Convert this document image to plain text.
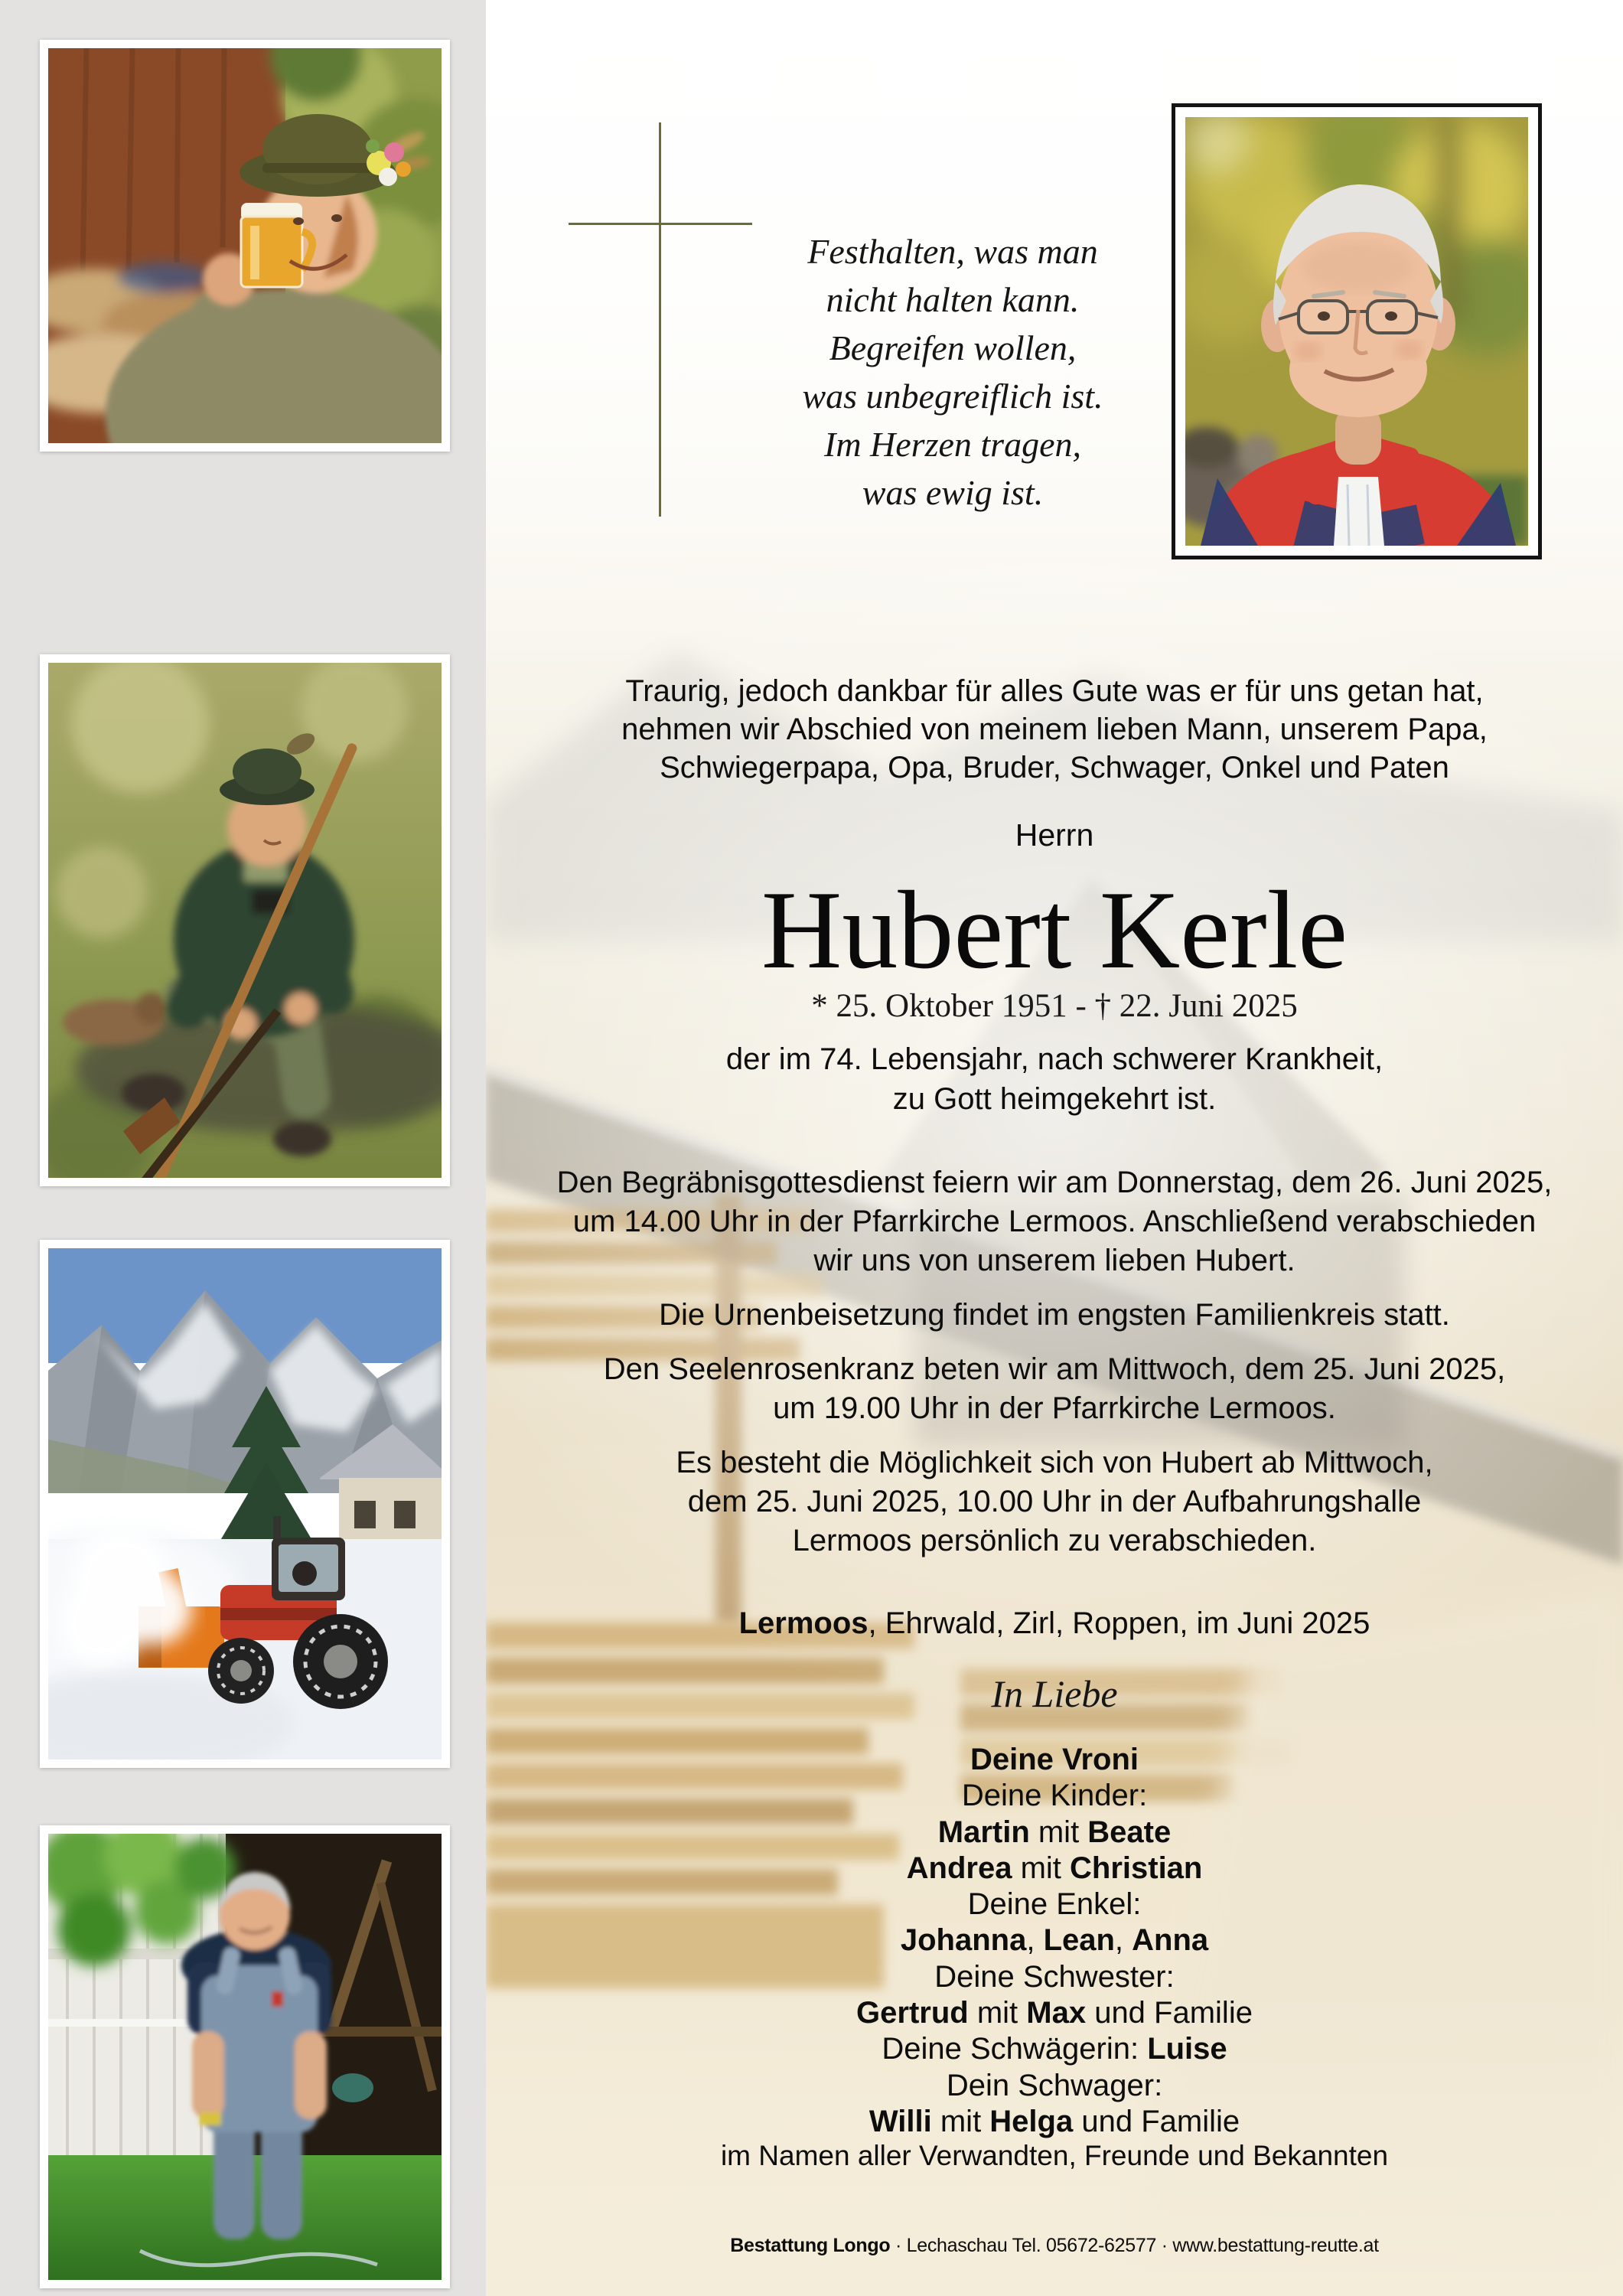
Festhalten, was man
nicht halten kann.
Begreifen wollen,
was unbegreiflich ist.
Im Herzen tragen,
was ewig ist.
Traurig, jedoch dankbar für alles Gute was er für uns getan hat,
nehmen wir Abschied von meinem lieben Mann, unserem Papa,
Schwiegerpapa, Opa, Bruder, Schwager, Onkel und Paten
Herrn
Hubert Kerle
* 25. Oktober 1951 - † 22. Juni 2025
der im 74. Lebensjahr, nach schwerer Krankheit,
zu Gott heimgekehrt ist.
Den Begräbnisgottesdienst feiern wir am Donnerstag, dem 26. Juni 2025,
um 14.00 Uhr in der Pfarrkirche Lermoos. Anschließend verabschieden
wir uns von unserem lieben Hubert.
Die Urnenbeisetzung findet im engsten Familienkreis statt.
Den Seelenrosenkranz beten wir am Mittwoch, dem 25. Juni 2025,
um 19.00 Uhr in der Pfarrkirche Lermoos.
Es besteht die Möglichkeit sich von Hubert ab Mittwoch,
dem 25. Juni 2025, 10.00 Uhr in der Aufbahrungshalle
Lermoos persönlich zu verabschieden.
Lermoos, Ehrwald, Zirl, Roppen, im Juni 2025
In Liebe
Deine Vroni
Deine Kinder:
Martin mit Beate
Andrea mit Christian
Deine Enkel:
Johanna, Lean, Anna
Deine Schwester:
Gertrud mit Max und Familie
Deine Schwägerin: Luise
Dein Schwager:
Willi mit Helga und Familie
im Namen aller Verwandten, Freunde und Bekannten
Bestattung Longo · Lechaschau Tel. 05672-62577 · www.bestattung-reutte.at
